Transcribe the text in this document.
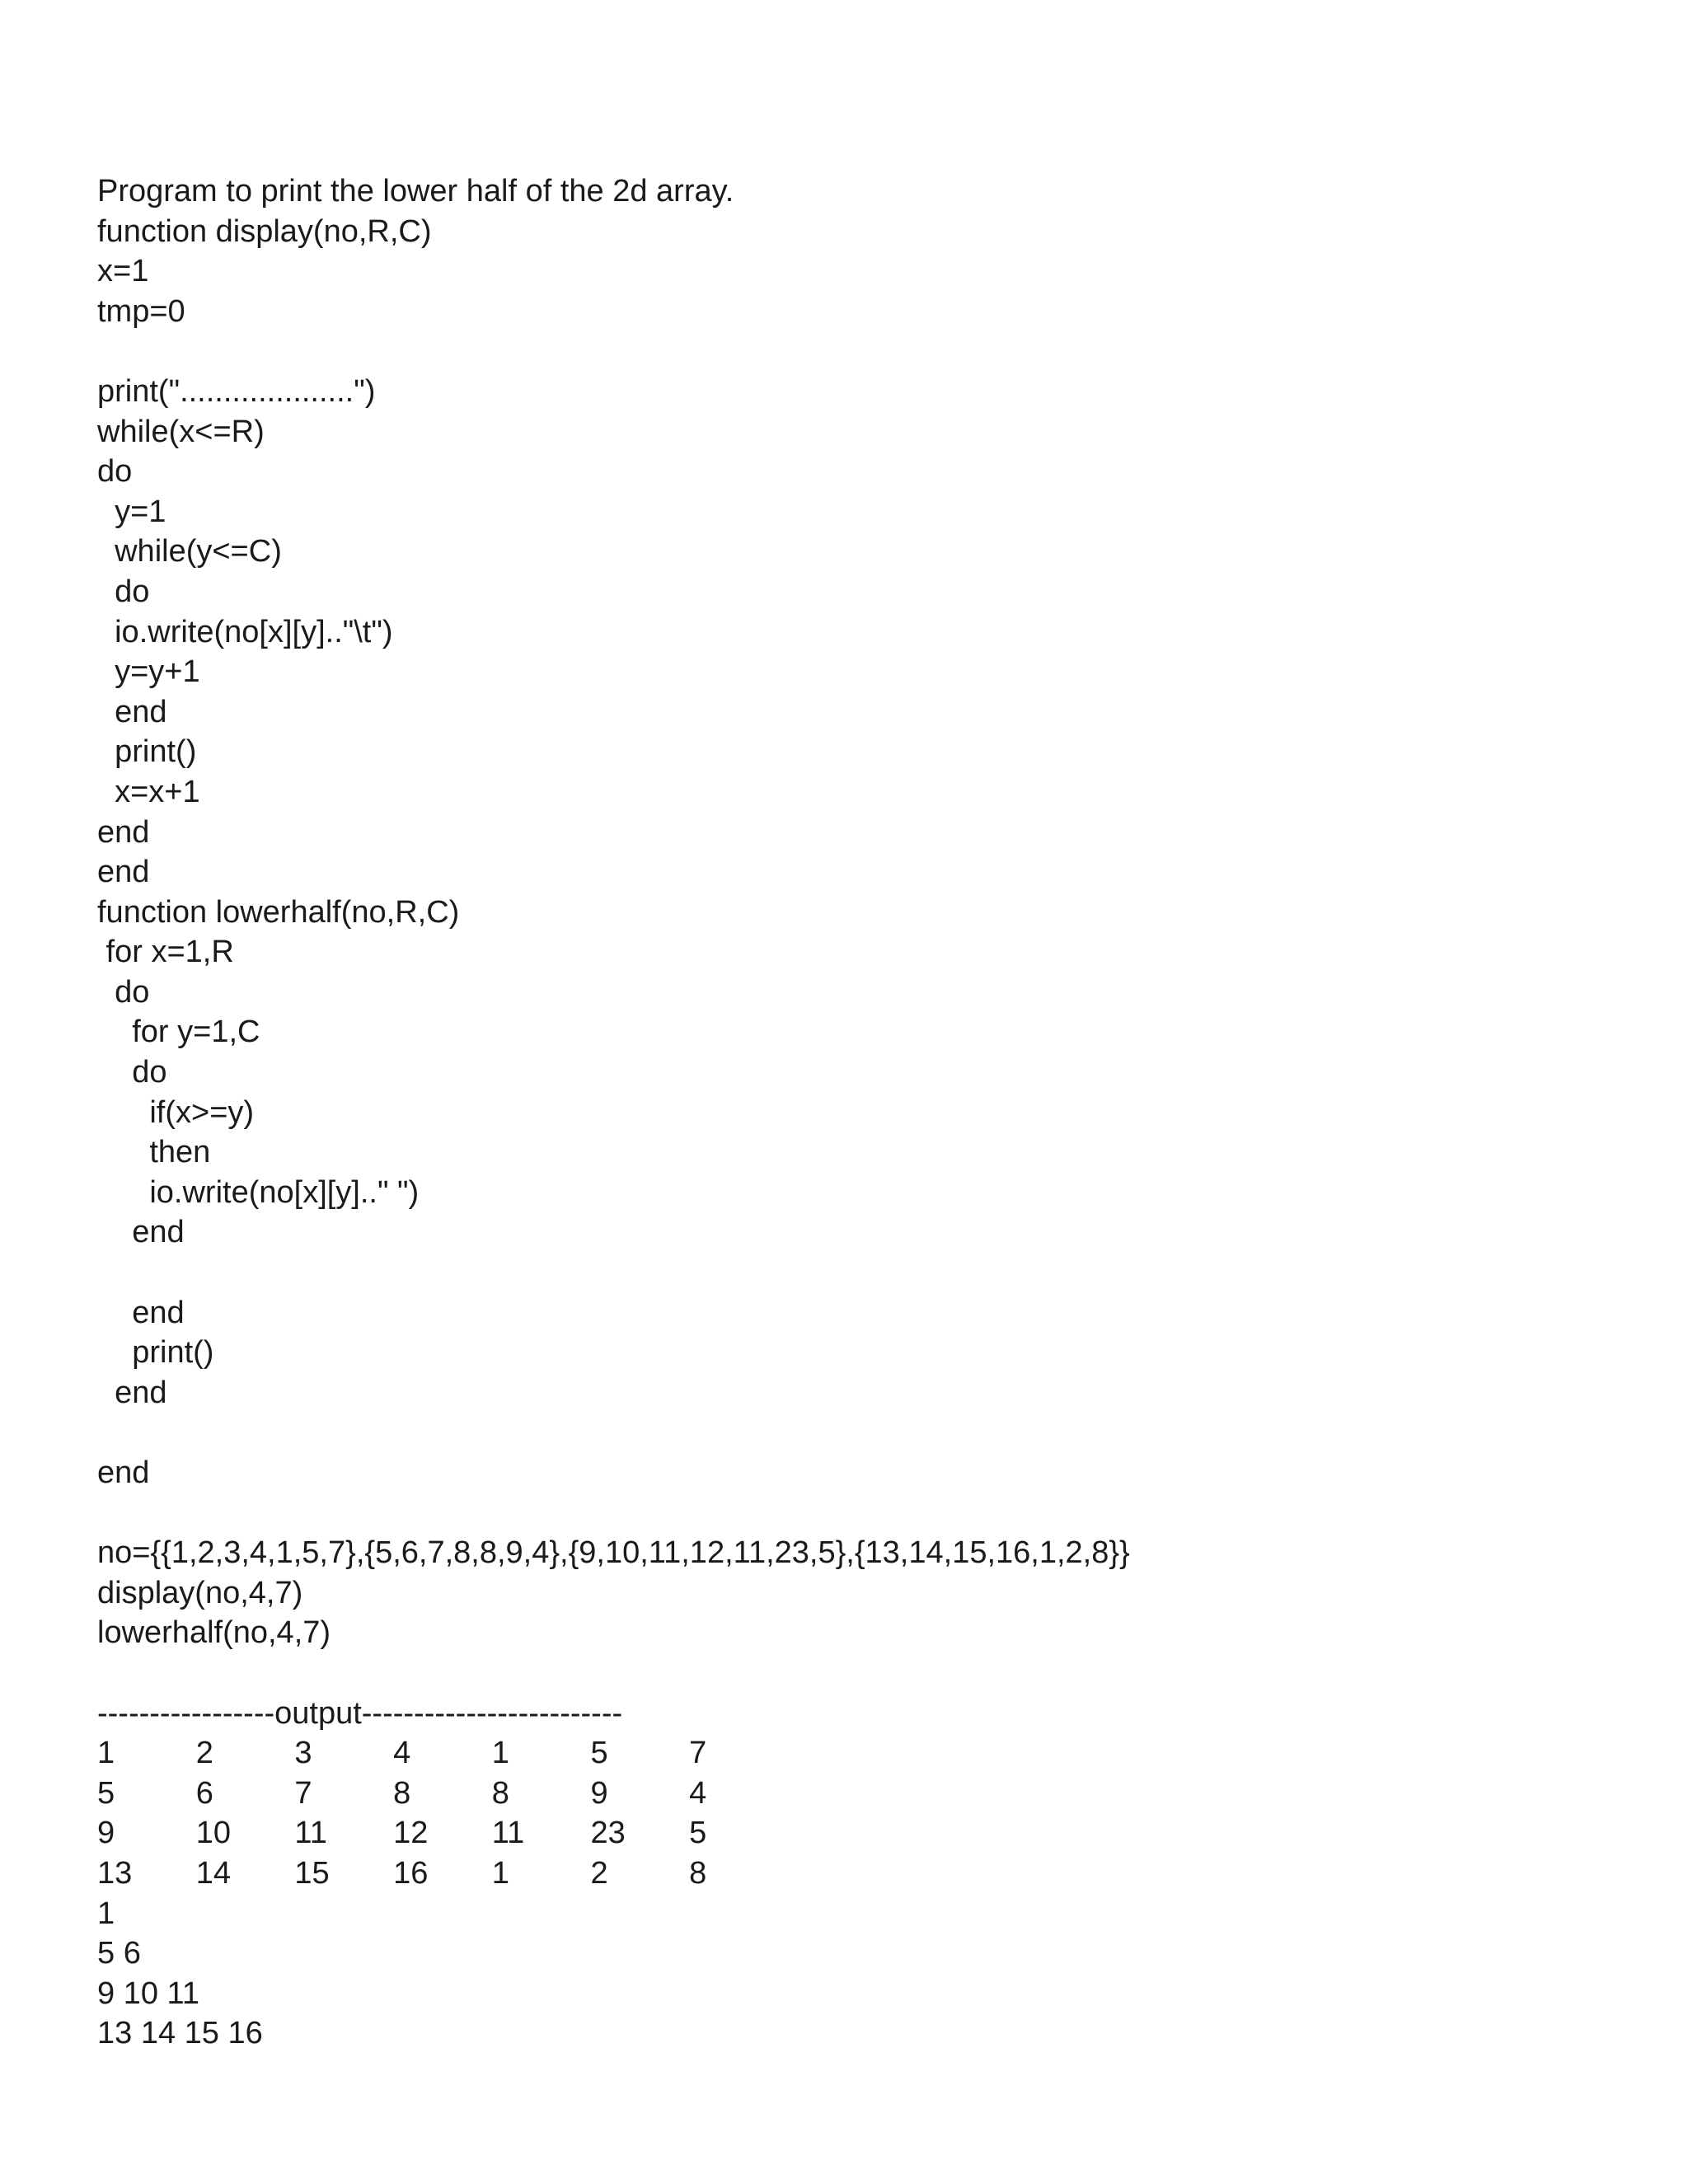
Program to print the lower half of the 2d array.
function display(no,R,C)
x=1
tmp=0
print("....................")
while(x<=R)
do
y=1
while(y<=C)
do
io.write(no[x][y].."\t")
y=y+1
end
print()
x=x+1
end
end
function lowerhalf(no,R,C)
for x=1,R
do
for y=1,C
do
if(x>=y)
then
io.write(no[x][y].." ")
end
end
print()
end
end
no={{1,2,3,4,1,5,7},{5,6,7,8,8,9,4},{9,10,11,12,11,23,5},{13,14,15,16,1,2,8}}
display(no,4,7)
lowerhalf(no,4,7)
-----------------output-------------------------
1	2	3	4	1	5	7
5	6	7	8	8	9	4
9	10	11	12	11	23	5
13	14	15	16	1	2	8
1
5 6
9 10 11
13 14 15 16
